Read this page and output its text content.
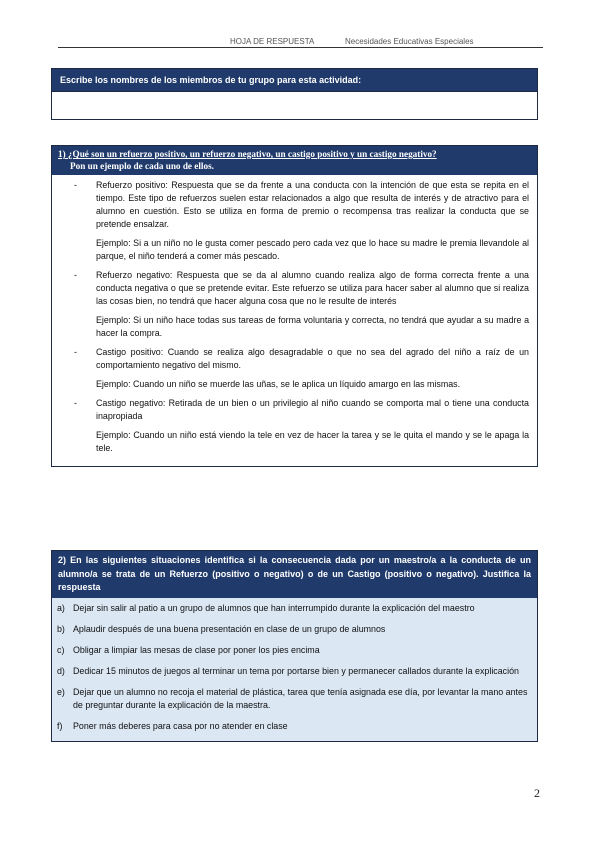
HOJA DE RESPUESTA	Necesidades Educativas Especiales
Escribe los nombres de los miembros de tu grupo para esta actividad:
1) ¿Qué son un refuerzo positivo, un refuerzo negativo, un castigo positivo y un castigo negativo?
Pon un ejemplo de cada uno de ellos.
- Refuerzo positivo: Respuesta que se da frente a una conducta con la intención de que esta se repita en el tiempo. Este tipo de refuerzos suelen estar relacionados a algo que resulta de interés y de atractivo para el alumno en cuestión. Esto se utiliza en forma de premio o recompensa tras realizar la conducta que se pretende ensalzar.

Ejemplo: Si a un niño no le gusta comer pescado pero cada vez que lo hace su madre le premia llevandole al parque, el niño tenderá a comer más pescado.

- Refuerzo negativo: Respuesta que se da al alumno cuando realiza algo de forma correcta frente a una conducta negativa o que se pretende evitar. Este refuerzo se utiliza para hacer saber al alumno que si realiza las cosas bien, no tendrá que hacer alguna cosa que no le resulte de interés

Ejemplo: Si un niño hace todas sus tareas de forma voluntaria y correcta, no tendrá que ayudar a su madre a hacer la compra.

- Castigo positivo: Cuando se realiza algo desagradable o que no sea del agrado del niño a raíz de un comportamiento negativo del mismo.

Ejemplo: Cuando un niño se muerde las uñas, se le aplica un líquido amargo en las mismas.

- Castigo negativo: Retirada de un bien o un privilegio al niño cuando se comporta mal o tiene una conducta inapropiada

Ejemplo: Cuando un niño está viendo la tele en vez de hacer la tarea y se le quita el mando y se le apaga la tele.

2) En las siguientes situaciones identifica si la consecuencia dada por un maestro/a a la conducta de un alumno/a se trata de un Refuerzo (positivo o negativo) o de un Castigo (positivo o negativo). Justifica la respuesta
a) Dejar sin salir al patio a un grupo de alumnos que han interrumpido durante la explicación del maestro
b) Aplaudir después de una buena presentación en clase de un grupo de alumnos
c) Obligar a limpiar las mesas de clase por poner los pies encima
d) Dedicar 15 minutos de juegos al terminar un tema por portarse bien y permanecer callados durante la explicación
e) Dejar que un alumno no recoja el material de plástica, tarea que tenía asignada ese día, por levantar la mano antes de preguntar durante la explicación de la maestra.
f) Poner más deberes para casa por no atender en clase
2
